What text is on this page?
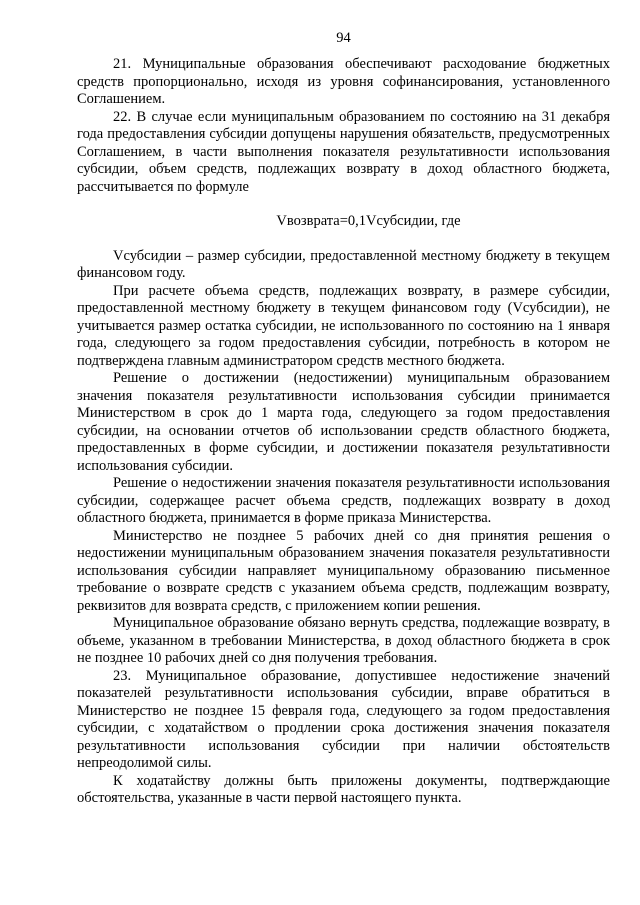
94

21. Муниципальные образования обеспечивают расходование бюджетных средств пропорционально, исходя из уровня софинансирования, установленного Соглашением.

22. В случае если муниципальным образованием по состоянию на 31 декабря года предоставления субсидии допущены нарушения обязательств, предусмотренных Соглашением, в части выполнения показателя результативности использования субсидии, объем средств, подлежащих возврату в доход областного бюджета, рассчитывается по формуле

Vвозврата=0,1Vсубсидии, где

Vсубсидии – размер субсидии, предоставленной местному бюджету в текущем финансовом году.

При расчете объема средств, подлежащих возврату, в размере субсидии, предоставленной местному бюджету в текущем финансовом году (Vсубсидии), не учитывается размер остатка субсидии, не использованного по состоянию на 1 января года, следующего за годом предоставления субсидии, потребность в котором не подтверждена главным администратором средств местного бюджета.

Решение о достижении (недостижении) муниципальным образованием значения показателя результативности использования субсидии принимается Министерством в срок до 1 марта года, следующего за годом предоставления субсидии, на основании отчетов об использовании средств областного бюджета, предоставленных в форме субсидии, и достижении показателя результативности использования субсидии.

Решение о недостижении значения показателя результативности использования субсидии, содержащее расчет объема средств, подлежащих возврату в доход областного бюджета, принимается в форме приказа Министерства.

Министерство не позднее 5 рабочих дней со дня принятия решения о недостижении муниципальным образованием значения показателя результативности использования субсидии направляет муниципальному образованию письменное требование о возврате средств с указанием объема средств, подлежащим возврату, реквизитов для возврата средств, с приложением копии решения.

Муниципальное образование обязано вернуть средства, подлежащие возврату, в объеме, указанном в требовании Министерства, в доход областного бюджета в срок не позднее 10 рабочих дней со дня получения требования.

23. Муниципальное образование, допустившее недостижение значений показателей результативности использования субсидии, вправе обратиться в Министерство не позднее 15 февраля года, следующего за годом предоставления субсидии, с ходатайством о продлении срока достижения значения показателя результативности использования субсидии при наличии обстоятельств непреодолимой силы.

К ходатайству должны быть приложены документы, подтверждающие обстоятельства, указанные в части первой настоящего пункта.
